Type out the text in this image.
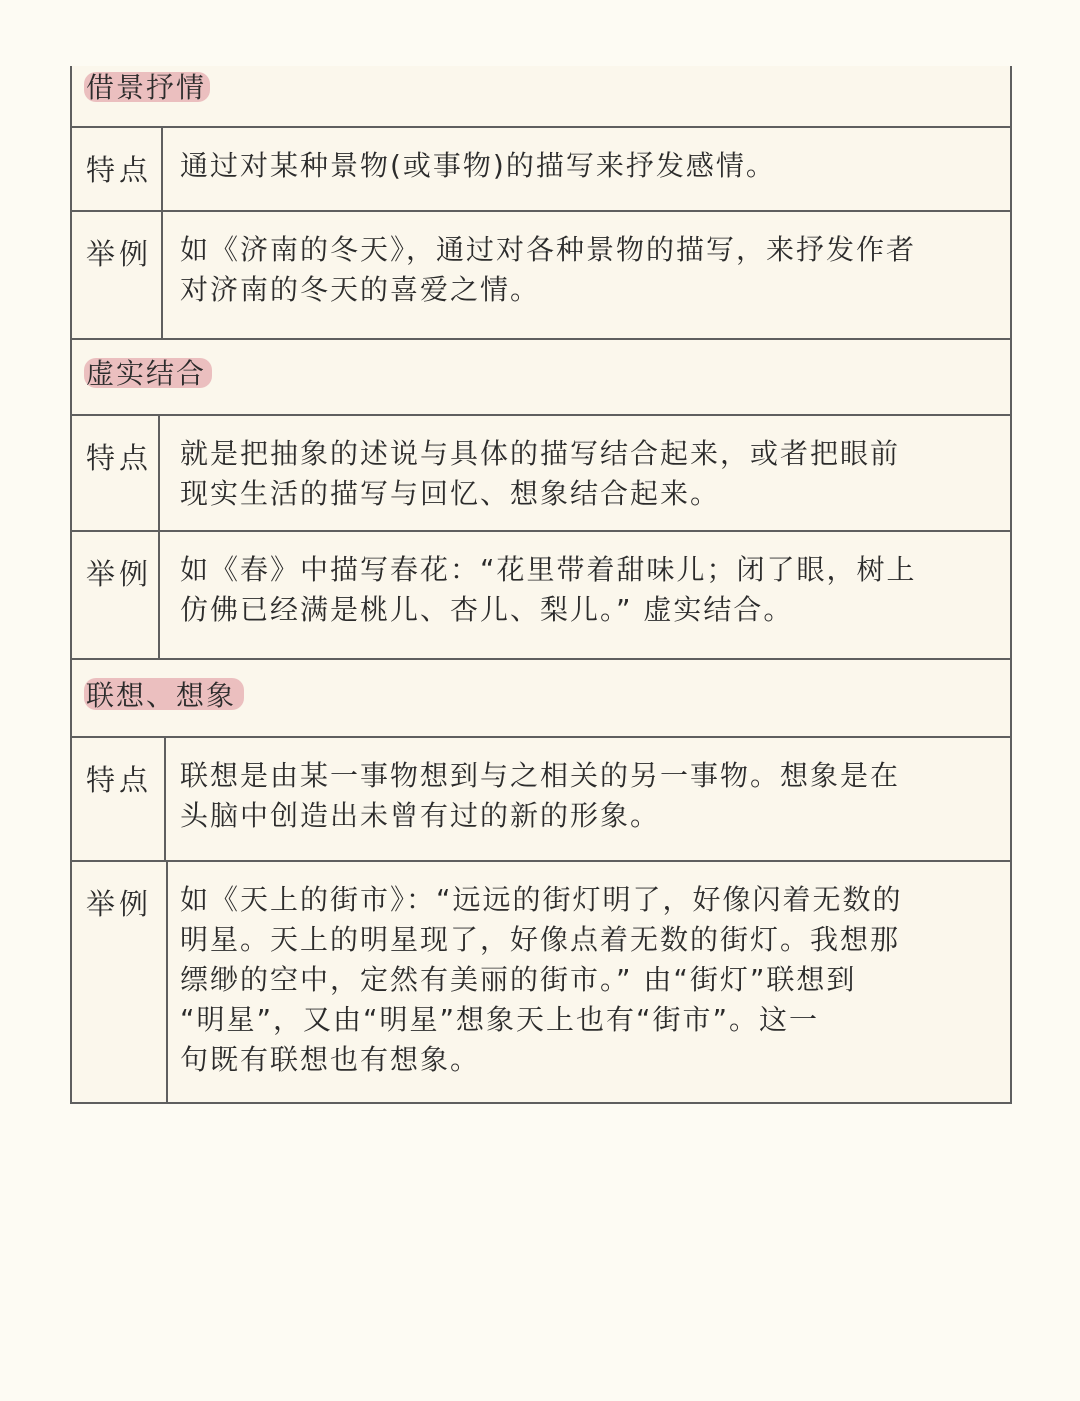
借景抒情
特点 通过对某种景物(或事物)的描写来抒发感情。
举例 如《济南的冬天》，通过对各种景物的描写，来抒发作者
对济南的冬天的喜爱之情。
虚实结合
特点 就是把抽象的述说与具体的描写结合起来，或者把眼前
现实生活的描写与回忆、想象结合起来。
举例 如《春》中描写春花：“花里带着甜味儿；闭了眼，树上
仿佛已经满是桃儿、杏儿、梨儿。” 虚实结合。
联想、想象
特点 联想是由某一事物想到与之相关的另一事物。想象是在
头脑中创造出未曾有过的新的形象。
举例 如《天上的街市》：“远远的街灯明了，好像闪着无数的
明星。天上的明星现了，好像点着无数的街灯。我想那
缥缈的空中，定然有美丽的街市。” 由“街灯”联想到
“明星”，又由“明星”想象天上也有“街市”。这一
句既有联想也有想象。
